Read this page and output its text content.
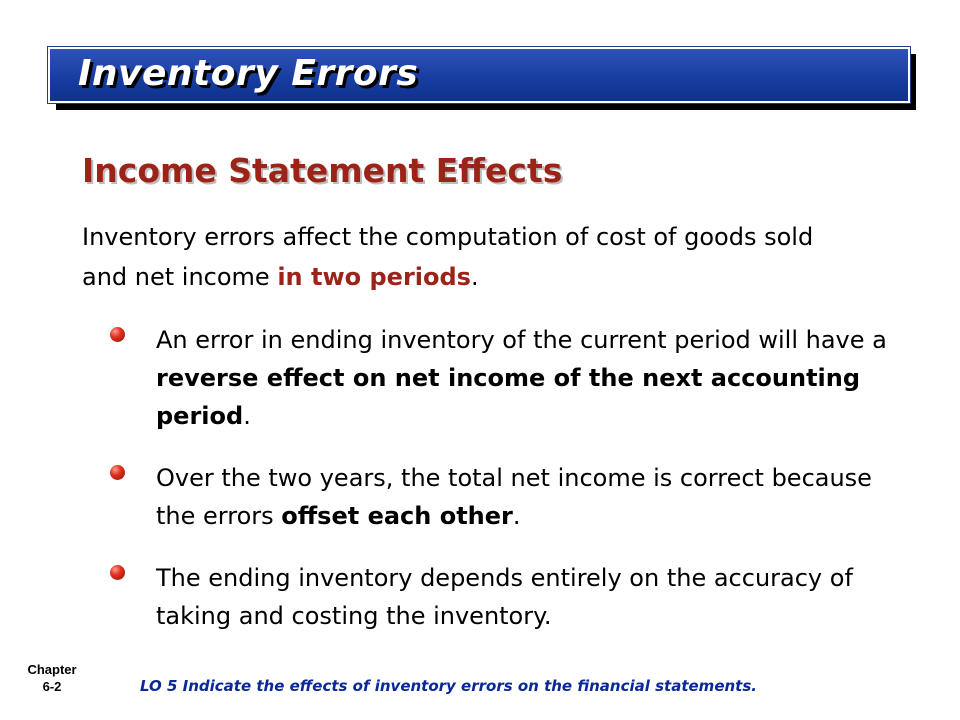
Inventory Errors
Income Statement Effects
Inventory errors affect the computation of cost of goods sold and net income in two periods.
An error in ending inventory of the current period will have a reverse effect on net income of the next accounting period.
Over the two years, the total net income is correct because the errors offset each other.
The ending inventory depends entirely on the accuracy of taking and costing the inventory.
Chapter
6-2	LO 5 Indicate the effects of inventory errors on the financial statements.
